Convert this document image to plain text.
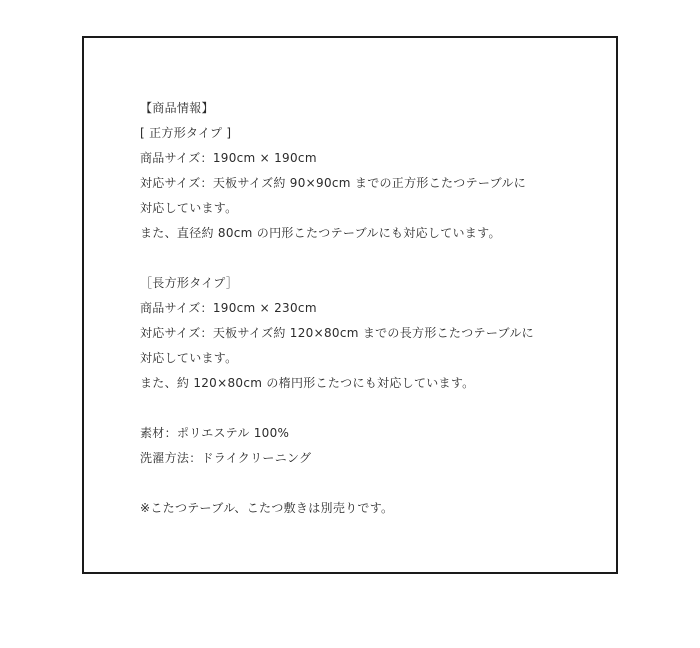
【商品情報】
[ 正方形タイプ ]
商品サイズ：190cm × 190cm
対応サイズ：天板サイズ約 90×90cm までの正方形こたつテーブルに
対応しています。
また、直径約 80cm の円形こたつテーブルにも対応しています。
［長方形タイプ］
商品サイズ：190cm × 230cm
対応サイズ：天板サイズ約 120×80cm までの長方形こたつテーブルに
対応しています。
また、約 120×80cm の楕円形こたつにも対応しています。
素材：ポリエステル 100%
洗濯方法：ドライクリーニング
※こたつテーブル、こたつ敷きは別売りです。
